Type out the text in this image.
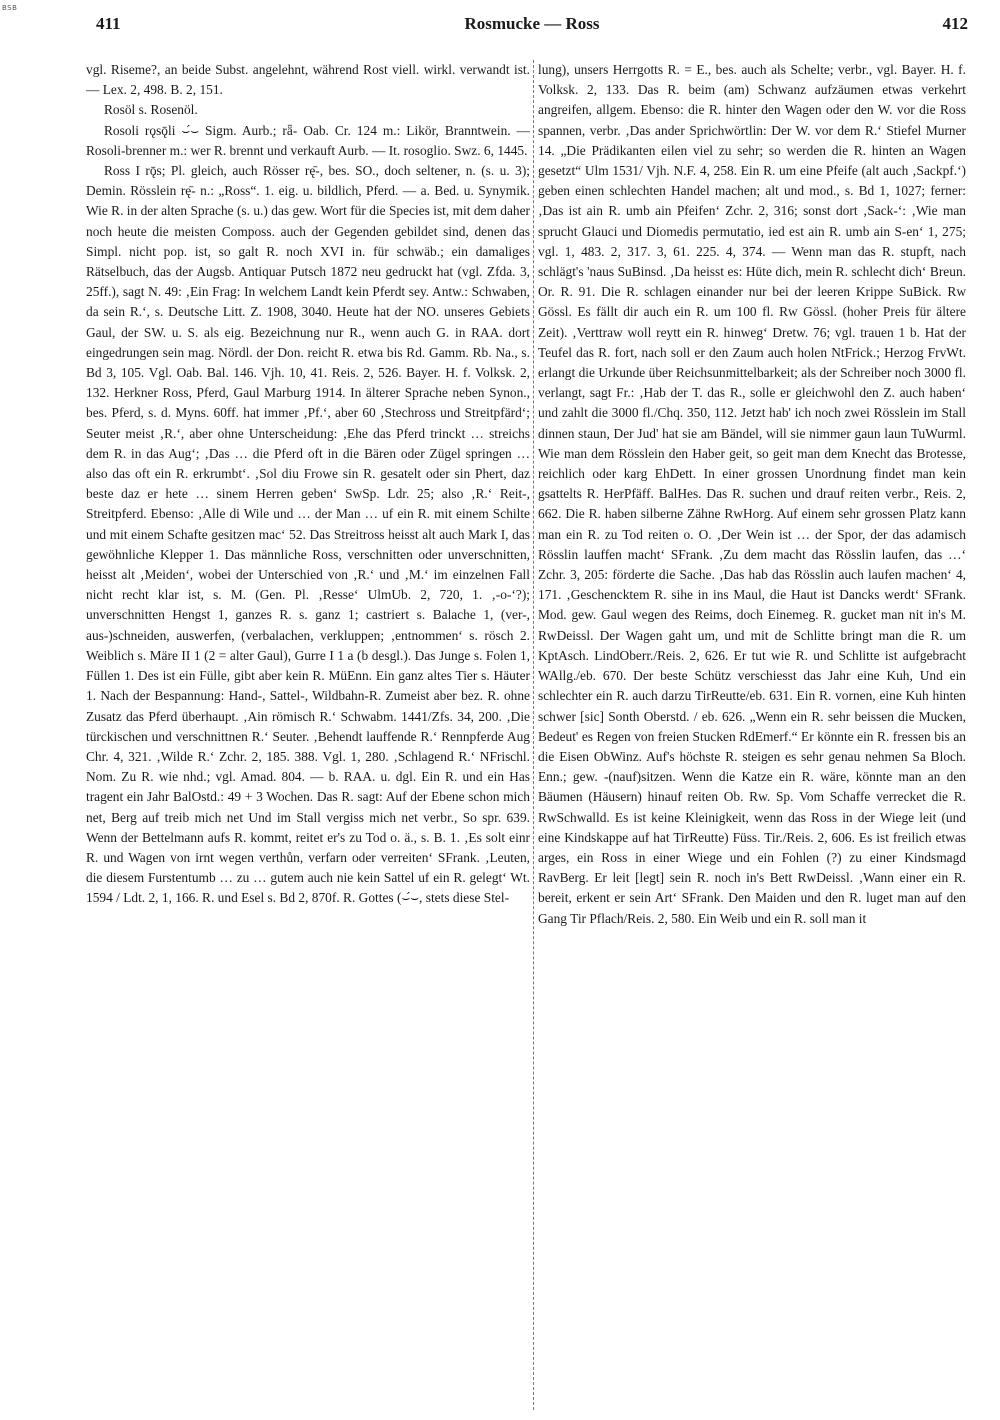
BSB
411	Rosmucke — Ross	412

vgl. Riseme?, an beide Subst. angelehnt, während Rost viell. wirkl. verwandt ist. — Lex. 2, 498. B. 2, 151.

Rosöl s. Rosenöl.

Rosoli rǫsǭli ⌣́⌣ Sigm. Aurb.; rǟ- Oab. Cr. 124 m.: Likör, Branntwein. — Rosoli-brenner m.: wer R. brennt und verkauft Aurb. — It. rosoglio. Swz. 6, 1445.

Ross I rǭs; Pl. gleich, auch Rösser rę̄-, bes. SO., doch seltener, n. (s. u. 3); Demin. Rösslein rę̄- n.: „Ross“. 1. eig. u. bildlich, Pferd. — a. Bed. u. Synymik. Wie R. in der alten Sprache (s. u.) das gew. Wort für die Species ist, mit dem daher noch heute die meisten Composs. auch der Gegenden gebildet sind, denen das Simpl. nicht pop. ist, so galt R. noch XVI in. für schwäb.; ein damaliges Rätselbuch, das der Augsb. Antiquar Putsch 1872 neu gedruckt hat (vgl. Zfda. 3, 25ff.), sagt N. 49: ‚Ein Frag: In welchem Landt kein Pferdt sey. Antw.: Schwaben, da sein R.‘, s. Deutsche Litt. Z. 1908, 3040. Heute hat der NO. unseres Gebiets Gaul, der SW. u. S. als eig. Bezeichnung nur R., wenn auch G. in RAA. dort eingedrungen sein mag. Nördl. der Don. reicht R. etwa bis Rd. Gamm. Rb. Na., s. Bd 3, 105. Vgl. Oab. Bal. 146. Vjh. 10, 41. Reis. 2, 526. Bayer. H. f. Volksk. 2, 132. Herkner Ross, Pferd, Gaul Marburg 1914. In älterer Sprache neben Synon., bes. Pferd, s. d. Myns. 60ff. hat immer ‚Pf.‘, aber 60 ‚Stechross und Streitpfärd‘; Seuter meist ‚R.‘, aber ohne Unterscheidung: ‚Ehe das Pferd trinckt … streichs dem R. in das Aug‘; ‚Das … die Pferd oft in die Bären oder Zügel springen … also das oft ein R. erkrumbt‘. ‚Sol diu Frowe sin R. gesatelt oder sin Phert, daz beste daz er hete … sinem Herren geben‘ SwSp. Ldr. 25; also ‚R.‘ Reit-, Streitpferd. Ebenso: ‚Alle di Wile und … der Man … uf ein R. mit einem Schilte und mit einem Schafte gesitzen mac‘ 52. Das Streitross heisst alt auch Mark I, das gewöhnliche Klepper 1. Das männliche Ross, verschnitten oder unverschnitten, heisst alt ‚Meiden‘, wobei der Unterschied von ‚R.‘ und ‚M.‘ im einzelnen Fall nicht recht klar ist, s. M. (Gen. Pl. ‚Resse‘ UlmUb. 2, 720, 1. ‚-o-‘?); unverschnitten Hengst 1, ganzes R. s. ganz 1; castriert s. Balache 1, (ver-, aus-)schneiden, auswerfen, (verbalachen, verkluppen; ‚entnommen‘ s. rösch 2. Weiblich s. Märe II 1 (2 = alter Gaul), Gurre I 1 a (b desgl.). Das Junge s. Folen 1, Füllen 1. Des ist ein Fülle, gibt aber kein R. MüEnn. Ein ganz altes Tier s. Häuter 1. Nach der Bespannung: Hand-, Sattel-, Wildbahn-R. Zumeist aber bez. R. ohne Zusatz das Pferd überhaupt. ‚Ain römisch R.‘ Schwabm. 1441/Zfs. 34, 200. ‚Die türckischen und verschnittnen R.‘ Seuter. ‚Behendt lauffende R.‘ Rennpferde Aug Chr. 4, 321. ‚Wilde R.‘ Zchr. 2, 185. 388. Vgl. 1, 280. ‚Schlagend R.‘ NFrischl. Nom. Zu R. wie nhd.; vgl. Amad. 804. — b. RAA. u. dgl. Ein R. und ein Has tragent ein Jahr BalOstd.: 49 + 3 Wochen. Das R. sagt: Auf der Ebene schon mich net, Berg auf treib mich net Und im Stall vergiss mich net verbr., So spr. 639. Wenn der Bettelmann aufs R. kommt, reitet er's zu Tod o. ä., s. B. 1. ‚Es solt einr R. und Wagen von irnt wegen verthůn, verfarn oder verreiten‘ SFrank. ‚Leuten, die diesem Furstentumb … zu … gutem auch nie kein Sattel uf ein R. gelegt‘ Wt. 1594 / Ldt. 2, 1, 166. R. und Esel s. Bd 2, 870f. R. Gottes (⌣́⌣, stets diese Stel-

lung), unsers Herrgotts R. = E., bes. auch als Schelte; verbr., vgl. Bayer. H. f. Volksk. 2, 133. Das R. beim (am) Schwanz aufzäumen etwas verkehrt angreifen, allgem. Ebenso: die R. hinter den Wagen oder den W. vor die Ross spannen, verbr. ‚Das ander Sprichwörtlin: Der W. vor dem R.‘ Stiefel Murner 14. „Die Prädikanten eilen viel zu sehr; so werden die R. hinten an Wagen gesetzt“ Ulm 1531/ Vjh. N.F. 4, 258. Ein R. um eine Pfeife (alt auch ‚Sackpf.‘) geben einen schlechten Handel machen; alt und mod., s. Bd 1, 1027; ferner: ‚Das ist ain R. umb ain Pfeifen‘ Zchr. 2, 316; sonst dort ‚Sack-‘: ‚Wie man sprucht Glauci und Diomedis permutatio, ied est ain R. umb ain S-en‘ 1, 275; vgl. 1, 483. 2, 317. 3, 61. 225. 4, 374. — Wenn man das R. stupft, nach schlägt's 'naus SuBinsd. ‚Da heisst es: Hüte dich, mein R. schlecht dich‘ Breun. Or. R. 91. Die R. schlagen einander nur bei der leeren Krippe SuBick. Rw Gössl. Es fällt dir auch ein R. um 100 fl. Rw Gössl. (hoher Preis für ältere Zeit). ‚Verttraw woll reytt ein R. hinweg‘ Dretw. 76; vgl. trauen 1 b. Hat der Teufel das R. fort, nach soll er den Zaum auch holen NtFrick.; Herzog FrvWt. erlangt die Urkunde über Reichsunmittelbarkeit; als der Schreiber noch 3000 fl. verlangt, sagt Fr.: ‚Hab der T. das R., solle er gleichwohl den Z. auch haben‘ und zahlt die 3000 fl./Chq. 350, 112. Jetzt hab' ich noch zwei Rösslein im Stall dinnen staun, Der Jud' hat sie am Bändel, will sie nimmer gaun laun TuWurml. Wie man dem Rösslein den Haber geit, so geit man dem Knecht das Brotesse, reichlich oder karg EhDett. In einer grossen Unordnung findet man kein gsattelts R. HerPfäff. BalHes. Das R. suchen und drauf reiten verbr., Reis. 2, 662. Die R. haben silberne Zähne RwHorg. Auf einem sehr grossen Platz kann man ein R. zu Tod reiten o. O. ‚Der Wein ist … der Spor, der das adamisch Rösslin lauffen macht‘ SFrank. ‚Zu dem macht das Rösslin laufen, das …‘ Zchr. 3, 205: förderte die Sache. ‚Das hab das Rösslin auch laufen machen‘ 4, 171. ‚Geschencktem R. sihe in ins Maul, die Haut ist Dancks werdt‘ SFrank. Mod. gew. Gaul wegen des Reims, doch Einemeg. R. gucket man nit in's M. RwDeissl. Der Wagen gaht um, und mit de Schlitte bringt man die R. um KptAsch. LindOberr./Reis. 2, 626. Er tut wie R. und Schlitte ist aufgebracht WAllg./eb. 670. Der beste Schütz verschiesst das Jahr eine Kuh, Und ein schlechter ein R. auch darzu TirReutte/eb. 631. Ein R. vornen, eine Kuh hinten schwer [sic] Sonth Oberstd. / eb. 626. „Wenn ein R. sehr beissen die Mucken, Bedeut' es Regen von freien Stucken RdEmerf.“ Er könnte ein R. fressen bis an die Eisen ObWinz. Auf's höchste R. steigen es sehr genau nehmen Sa Bloch. Enn.; gew. -(nauf)sitzen. Wenn die Katze ein R. wäre, könnte man an den Bäumen (Häusern) hinauf reiten Ob. Rw. Sp. Vom Schaffe verrecket die R. RwSchwalld. Es ist keine Kleinigkeit, wenn das Ross in der Wiege leit (und eine Kindskappe auf hat TirReutte) Füss. Tir./Reis. 2, 606. Es ist freilich etwas arges, ein Ross in einer Wiege und ein Fohlen (?) zu einer Kindsmagd RavBerg. Er leit [legt] sein R. noch in's Bett RwDeissl. ‚Wann einer ein R. bereit, erkent er sein Art‘ SFrank. Den Maiden und den R. luget man auf den Gang Tir Pflach/Reis. 2, 580. Ein Weib und ein R. soll man it
